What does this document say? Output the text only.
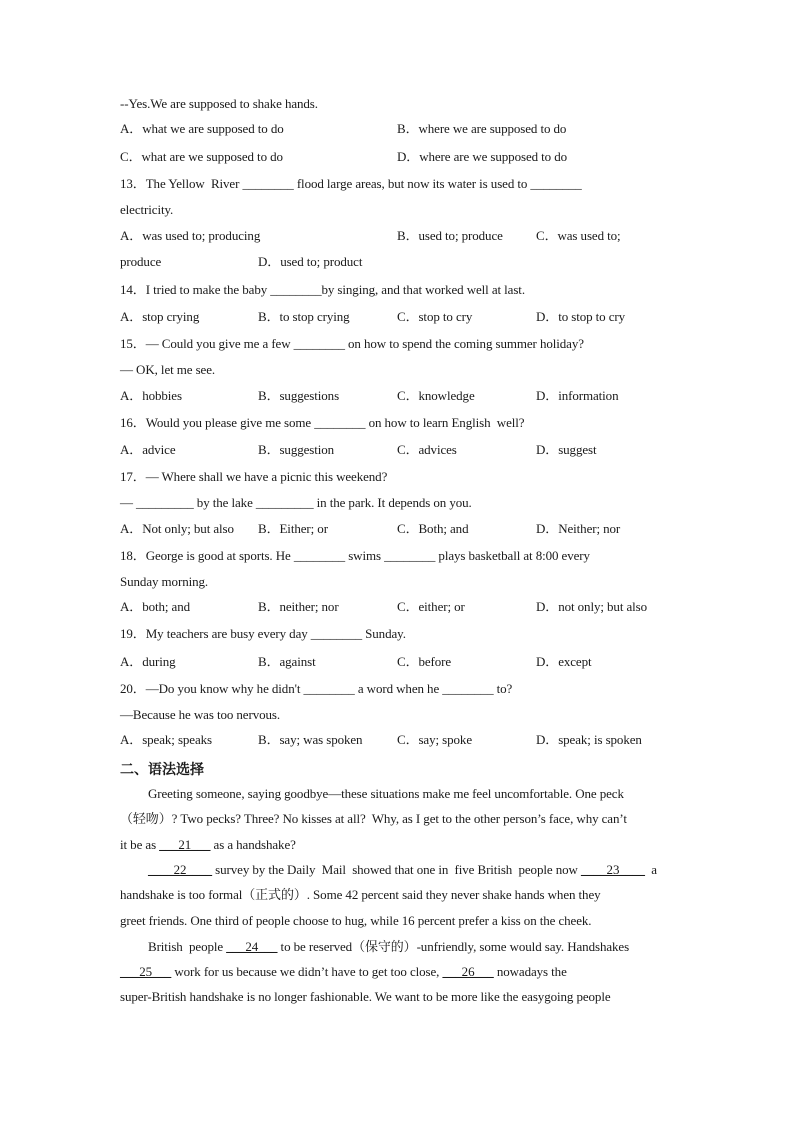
--Yes.We are supposed to shake hands.
A．what we are supposed to do	B．where we are supposed to do
C．what are we supposed to do	D．where are we supposed to do
13．The Yellow  River ________ flood large areas, but now its water is used to ________
electricity.
A．was used to; producing	B．used to; produce	C．was used to;
produce	D．used to; product
14．I tried to make the baby ________by singing, and that worked well at last.
A．stop crying	B．to stop crying	C．stop to cry	D．to stop to cry
15．— Could you give me a few ________ on how to spend the coming summer holiday?
— OK, let me see.
A．hobbies	B．suggestions	C．knowledge	D．information
16．Would you please give me some ________ on how to learn English  well?
A．advice	B．suggestion	C．advices	D．suggest
17．— Where shall we have a picnic this weekend?
— _________ by the lake _________ in the park. It depends on you.
A．Not only; but also B．Either; or	C．Both; and	D．Neither; nor
18．George is good at sports. He ________ swims ________ plays basketball at 8:00 every
Sunday morning.
A．both; and	B．neither; nor	C．either; or	D．not only; but also
19．My teachers are busy every day ________ Sunday.
A．during	B．against	C．before	D．except
20．—Do you know why he didn't ________ a word when he ________ to?
—Because he was too nervous.
A．speak; speaks	B．say; was spoken	C．say; spoke	D．speak; is spoken
二、语法选择
Greeting someone, saying goodbye—these situations make me feel uncomfortable. One peck
（轻吻）? Two pecks? Three? No kisses at all?  Why, as I get to the other person’s face, why can’t
it be as ___21___ as a handshake?
____22____ survey by the Daily  Mail  showed that one in  five British  people now ____23____  a
handshake is too formal（正式的）. Some 42 percent said they never shake hands when they
greet friends. One third of people choose to hug, while 16 percent prefer a kiss on the cheek.
British  people ___24___ to be reserved（保守的）-unfriendly, some would say. Handshakes
___25___ work for us because we didn’t have to get too close, ___26___ nowadays the
super-British handshake is no longer fashionable. We want to be more like the easygoing people
